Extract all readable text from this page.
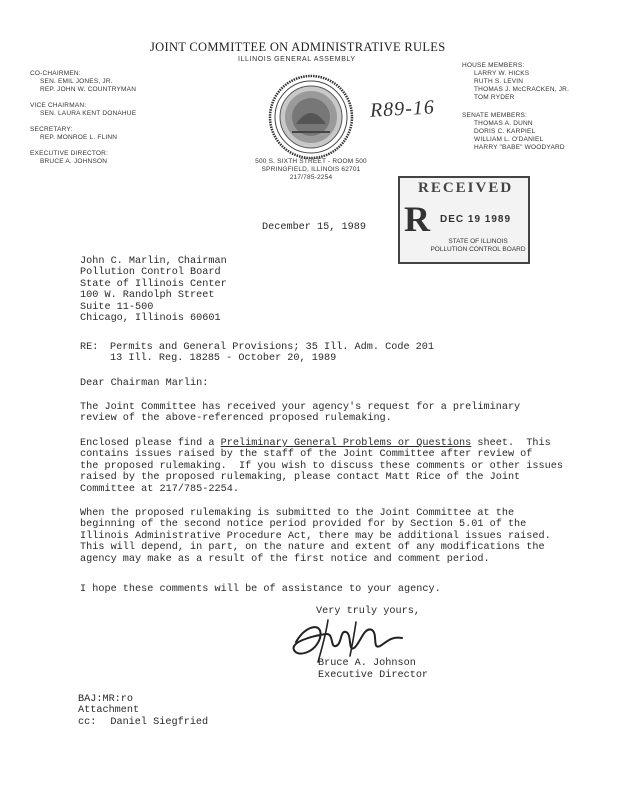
JOINT COMMITTEE ON ADMINISTRATIVE RULES
ILLINOIS GENERAL ASSEMBLY
CO-CHAIRMEN:
SEN. EMIL JONES, JR.
REP. JOHN W. COUNTRYMAN
VICE CHAIRMAN:
SEN. LAURA KENT DONAHUE
SECRETARY:
REP. MONROE L. FLINN
EXECUTIVE DIRECTOR:
BRUCE A. JOHNSON	500 S. SIXTH STREET - ROOM 500
SPRINGFIELD, ILLINOIS 62701
217/785-2254
R89-16
HOUSE MEMBERS:
LARRY W. HICKS
RUTH S. LEVIN
THOMAS J. McCRACKEN, JR.
TOM RYDER
SENATE MEMBERS:
THOMAS A. DUNN
DORIS C. KARPIEL
WILLIAM L. O'DANIEL
HARRY "BABE" WOODYARD
RECEIVED
R DEC 19 1989
STATE OF ILLINOIS
POLLUTION CONTROL BOARD
December 15, 1989
John C. Marlin, Chairman
Pollution Control Board
State of Illinois Center
100 W. Randolph Street
Suite 11-500
Chicago, Illinois 60601
RE: Permits and General Provisions; 35 Ill. Adm. Code 201
13 Ill. Reg. 18285 - October 20, 1989
Dear Chairman Marlin:
The Joint Committee has received your agency's request for a preliminary
review of the above-referenced proposed rulemaking.
Enclosed please find a Preliminary General Problems or Questions sheet.  This
contains issues raised by the staff of the Joint Committee after review of
the proposed rulemaking.  If you wish to discuss these comments or other issues
raised by the proposed rulemaking, please contact Matt Rice of the Joint
Committee at 217/785-2254.
When the proposed rulemaking is submitted to the Joint Committee at the
beginning of the second notice period provided for by Section 5.01 of the
Illinois Administrative Procedure Act, there may be additional issues raised.
This will depend, in part, on the nature and extent of any modifications the
agency may make as a result of the first notice and comment period.
I hope these comments will be of assistance to your agency.
Very truly yours,
Bruce A. Johnson
Executive Director
BAJ:MR:ro
Attachment
cc: Daniel Siegfried
